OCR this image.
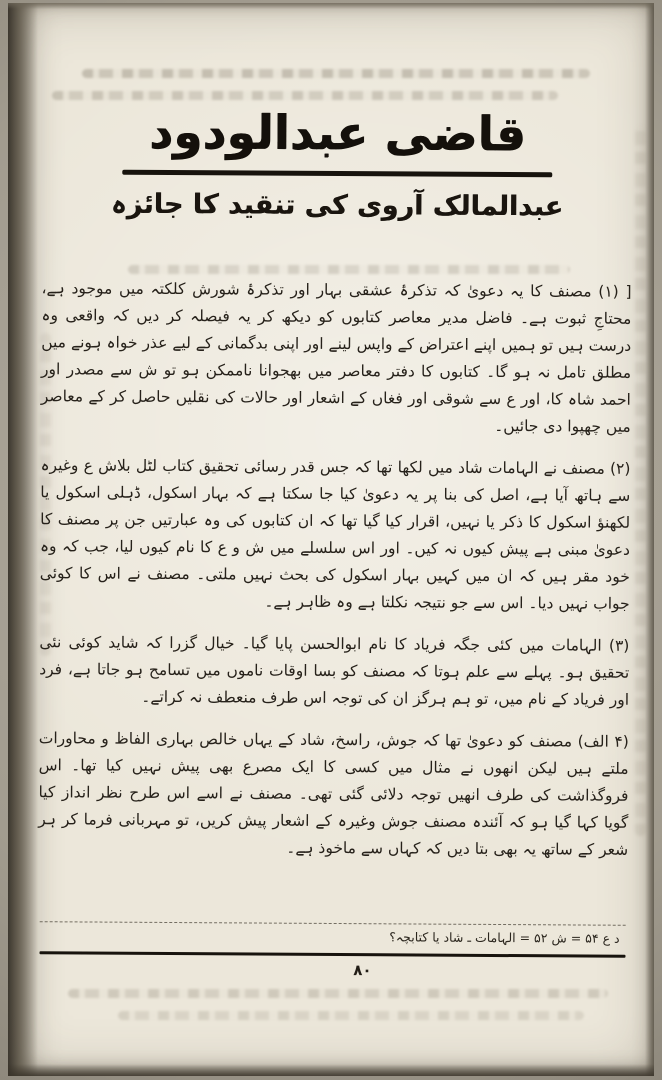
قاضی عبدالودود
عبدالمالک آروی کی تنقید کا جائزہ

[ (۱) مصنف کا یہ دعویٰ کہ تذکرۂ عشقی بہار اور تذکرۂ شورش کلکتہ میں موجود ہے، محتاجِ ثبوت ہے۔ فاضل مدیر معاصر کتابوں کو دیکھ کر یہ فیصلہ کر دیں کہ واقعی وہ درست ہیں تو ہمیں اپنے اعتراض کے واپس لینے اور اپنی بدگمانی کے لیے عذر خواہ ہونے میں مطلق تامل نہ ہو گا۔ کتابوں کا دفتر معاصر میں بھجوانا ناممکن ہو تو ش سے مصدر اور احمد شاہ کا، اور ع سے شوقی اور فغاں کے اشعار اور حالات کی نقلیں حاصل کر کے معاصر میں چھپوا دی جائیں۔

(۲) مصنف نے الہامات شاد میں لکھا تھا کہ جس قدر رسائی تحقیق کتاب لٹل بلاش ع وغیرہ سے ہاتھ آیا ہے، اصل کی بنا پر یہ دعویٰ کیا جا سکتا ہے کہ بہار اسکول، ڈہلی اسکول یا لکھنؤ اسکول کا ذکر یا نہیں، اقرار کیا گیا تھا کہ ان کتابوں کی وہ عبارتیں جن پر مصنف کا دعویٰ مبنی ہے پیش کیوں نہ کیں۔ اور اس سلسلے میں ش و ع کا نام کیوں لیا، جب کہ وہ خود مقر ہیں کہ ان میں کہیں بہار اسکول کی بحث نہیں ملتی۔ مصنف نے اس کا کوئی جواب نہیں دیا۔ اس سے جو نتیجہ نکلتا ہے وہ ظاہر ہے۔

(۳) الہامات میں کئی جگہ فریاد کا نام ابوالحسن پایا گیا۔ خیال گزرا کہ شاید کوئی نئی تحقیق ہو۔ پہلے سے علم ہوتا کہ مصنف کو بسا اوقات ناموں میں تسامح ہو جاتا ہے، فرد اور فریاد کے نام میں، تو ہم ہرگز ان کی توجہ اس طرف منعطف نہ کراتے۔

(۴ الف) مصنف کو دعویٰ تھا کہ جوش، راسخ، شاد کے یہاں خالص بہاری الفاظ و محاورات ملتے ہیں لیکن انھوں نے مثال میں کسی کا ایک مصرع بھی پیش نہیں کیا تھا۔ اس فروگذاشت کی طرف انھیں توجہ دلائی گئی تھی۔ مصنف نے اسے اس طرح نظر انداز کیا گویا کہا گیا ہو کہ آئندہ مصنف جوش وغیرہ کے اشعار پیش کریں، تو مہربانی فرما کر ہر شعر کے ساتھ یہ بھی بتا دیں کہ کہاں سے ماخوذ ہے۔

د ع ۵۴ = ش ۵۲ = الہامات ـ شاد یا کتابچہ؟
۸۰
